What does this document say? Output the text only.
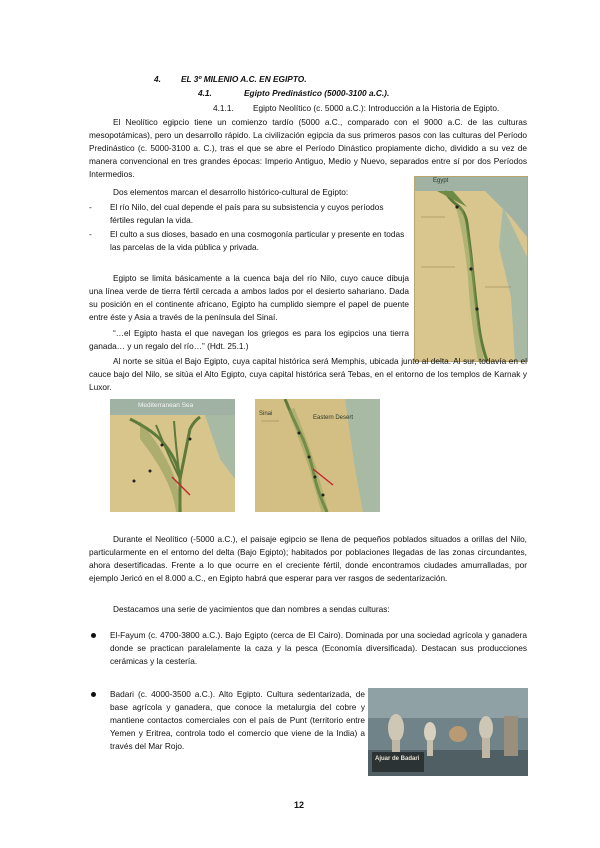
4. EL 3º MILENIO A.C. EN EGIPTO.
4.1.	Egipto Predinástico (5000-3100 a.C.).
4.1.1. Egipto Neolítico (c. 5000 a.C.): Introducción a la Historia de Egipto.
El Neolítico egipcio tiene un comienzo tardío (5000 a.C., comparado con el 9000 a.C. de las culturas mesopotámicas), pero un desarrollo rápido. La civilización egipcia da sus primeros pasos con las culturas del Período Predinástico (c. 5000-3100 a. C.), tras el que se abre el Período Dinástico propiamente dicho, dividido a su vez de manera convencional en tres grandes épocas: Imperio Antiguo, Medio y Nuevo, separados entre sí por dos Períodos Intermedios.
Dos elementos marcan el desarrollo histórico-cultural de Egipto:
- El río Nilo, del cual depende el país para su subsistencia y cuyos períodos fértiles regulan la vida.
- El culto a sus dioses, basado en una cosmogonía particular y presente en todas las parcelas de la vida pública y privada.
Egypt
Egipto se limita básicamente a la cuenca baja del río Nilo, cuyo cauce dibuja una línea verde de tierra fértil cercada a ambos lados por el desierto sahariano. Dada su posición en el continente africano, Egipto ha cumplido siempre el papel de puente entre éste y Asia a través de la península del Sinaí.
“…el Egipto hasta el que navegan los griegos es para los egipcios una tierra ganada… y un regalo del río…” (Hdt. 25.1.)
Al norte se sitúa el Bajo Egipto, cuya capital histórica será Memphis, ubicada junto al delta. Al sur, todavía en el cauce bajo del Nilo, se sitúa el Alto Egipto, cuya capital histórica será Tebas, en el entorno de los templos de Karnak y Luxor.
Mediterranean Sea
Eastern Desert
Sinai
Durante el Neolítico (-5000 a.C.), el paisaje egipcio se llena de pequeños poblados situados a orillas del Nilo, particularmente en el entorno del delta (Bajo Egipto); habitados por poblaciones llegadas de las zonas circundantes, ahora desertificadas. Frente a lo que ocurre en el creciente fértil, donde encontramos ciudades amurralladas, por ejemplo Jericó en el 8.000 a.C., en Egipto habrá que esperar para ver rasgos de sedentarización.
Destacamos una serie de yacimientos que dan nombres a sendas culturas:
El-Fayum (c. 4700-3800 a.C.). Bajo Egipto (cerca de El Cairo). Dominada por una sociedad agrícola y ganadera donde se practican paralelamente la caza y la pesca (Economía diversificada). Destacan sus producciones cerámicas y la cestería.
Badari (c. 4000-3500 a.C.). Alto Egipto. Cultura sedentarizada, de base agrícola y ganadera, que conoce la metalurgia del cobre y mantiene contactos comerciales con el país de Punt (territorio entre Yemen y Eritrea, controla todo el comercio que viene de la India) a través del Mar Rojo.
Ajuar de Badari
12
